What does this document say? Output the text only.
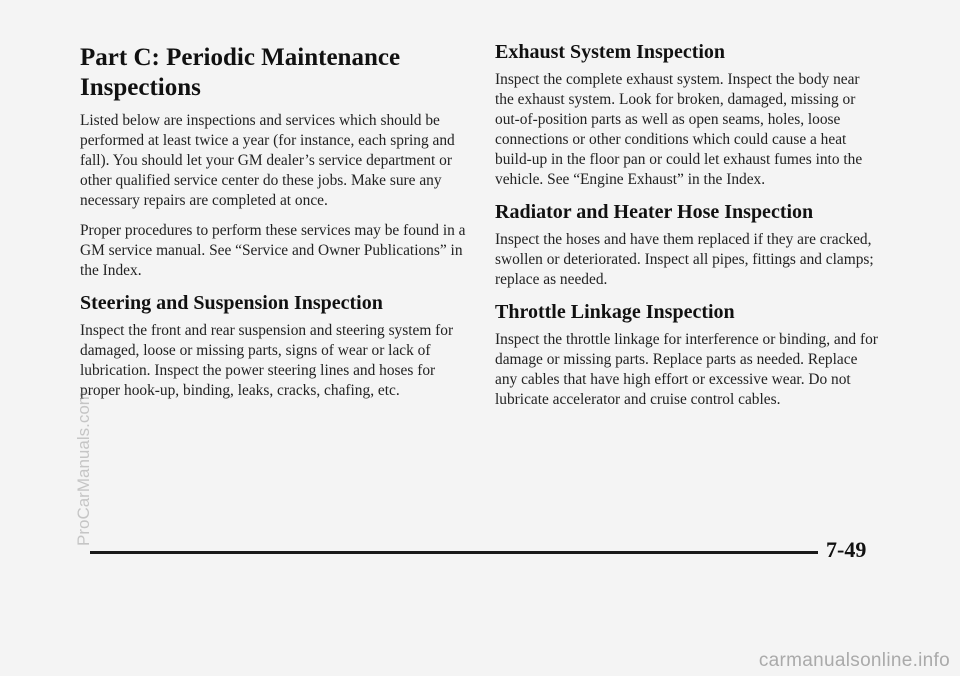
Part C: Periodic Maintenance Inspections

Listed below are inspections and services which should be performed at least twice a year (for instance, each spring and fall). You should let your GM dealer’s service department or other qualified service center do these jobs. Make sure any necessary repairs are completed at once.

Proper procedures to perform these services may be found in a GM service manual. See “Service and Owner Publications” in the Index.

Steering and Suspension Inspection

Inspect the front and rear suspension and steering system for damaged, loose or missing parts, signs of wear or lack of lubrication. Inspect the power steering lines and hoses for proper hook-up, binding, leaks, cracks, chafing, etc.

Exhaust System Inspection

Inspect the complete exhaust system. Inspect the body near the exhaust system. Look for broken, damaged, missing or out-of-position parts as well as open seams, holes, loose connections or other conditions which could cause a heat build-up in the floor pan or could let exhaust fumes into the vehicle. See “Engine Exhaust” in the Index.

Radiator and Heater Hose Inspection

Inspect the hoses and have them replaced if they are cracked, swollen or deteriorated. Inspect all pipes, fittings and clamps; replace as needed.

Throttle Linkage Inspection

Inspect the throttle linkage for interference or binding, and for damage or missing parts. Replace parts as needed. Replace any cables that have high effort or excessive wear. Do not lubricate accelerator and cruise control cables.

7-49
ProCarManuals.com
carmanualsonline.info
